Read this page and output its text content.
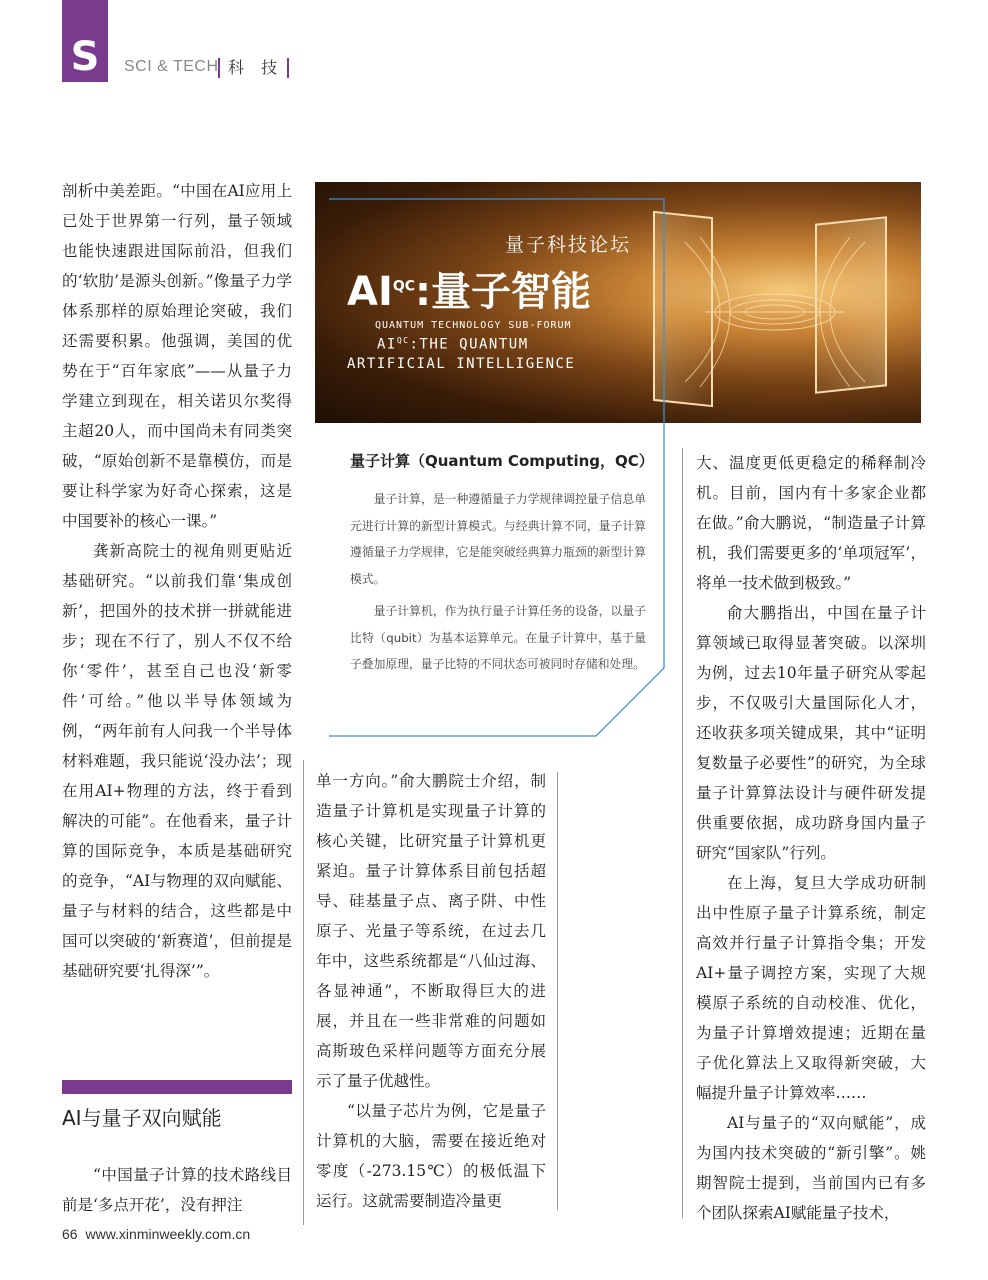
S SCI & TECH 科 技

剖析中美差距。“中国在AI应用上已处于世界第一行列，量子领域也能快速跟进国际前沿，但我们的‘软肋’是源头创新。”像量子力学体系那样的原始理论突破，我们还需要积累。他强调，美国的优势在于“百年家底”——从量子力学建立到现在，相关诺贝尔奖得主超20人，而中国尚未有同类突破，“原始创新不是靠模仿，而是要让科学家为好奇心探索，这是中国要补的核心一课。”

龚新高院士的视角则更贴近基础研究。“以前我们靠‘集成创新’，把国外的技术拼一拼就能进步；现在不行了，别人不仅不给你‘零件’，甚至自己也没‘新零件’可给。”他以半导体领域为例，“两年前有人问我一个半导体材料难题，我只能说‘没办法’；现在用AI+物理的方法，终于看到解决的可能”。在他看来，量子计算的国际竞争，本质是基础研究的竞争，“AI与物理的双向赋能、量子与材料的结合，这些都是中国可以突破的‘新赛道’，但前提是基础研究要‘扎得深’”。

AI与量子双向赋能

“中国量子计算的技术路线目前是‘多点开花’，没有押注

量子科技论坛
$AI^{QC}$:量子智能
QUANTUM TECHNOLOGY SUB-FORUM
$AI^{QC}:THE$ QUANTUM
ARTIFICIAL INTELLIGENCE
量子计算（Quantum Computing，QC）
量子计算，是一种遵循量子力学规律调控量子信息单元进行计算的新型计算模式。与经典计算不同，量子计算遵循量子力学规律，它是能突破经典算力瓶颈的新型计算模式。
量子计算机，作为执行量子计算任务的设备，以量子比特（qubit）为基本运算单元。在量子计算中，基于量子叠加原理，量子比特的不同状态可被同时存储和处理。

单一方向。”俞大鹏院士介绍，制造量子计算机是实现量子计算的核心关键，比研究量子计算机更紧迫。量子计算体系目前包括超导、硅基量子点、离子阱、中性原子、光量子等系统，在过去几年中，这些系统都是“八仙过海、各显神通”，不断取得巨大的进展，并且在一些非常难的问题如高斯玻色采样问题等方面充分展示了量子优越性。

“以量子芯片为例，它是量子计算机的大脑，需要在接近绝对零度（-273.15℃）的极低温下运行。这就需要制造冷量更

大、温度更低更稳定的稀释制冷机。目前，国内有十多家企业都在做。”俞大鹏说，“制造量子计算机，我们需要更多的‘单项冠军’，将单一技术做到极致。”

俞大鹏指出，中国在量子计算领域已取得显著突破。以深圳为例，过去10年量子研究从零起步，不仅吸引大量国际化人才，还收获多项关键成果，其中“证明复数量子必要性”的研究，为全球量子计算算法设计与硬件研发提供重要依据，成功跻身国内量子研究“国家队”行列。

在上海，复旦大学成功研制出中性原子量子计算系统，制定高效并行量子计算指令集；开发AI+量子调控方案，实现了大规模原子系统的自动校准、优化，为量子计算增效提速；近期在量子优化算法上又取得新突破，大幅提升量子计算效率……

AI与量子的“双向赋能”，成为国内技术突破的“新引擎”。姚期智院士提到，当前国内已有多个团队探索AI赋能量子技术，

66 www.xinminweekly.com.cn
